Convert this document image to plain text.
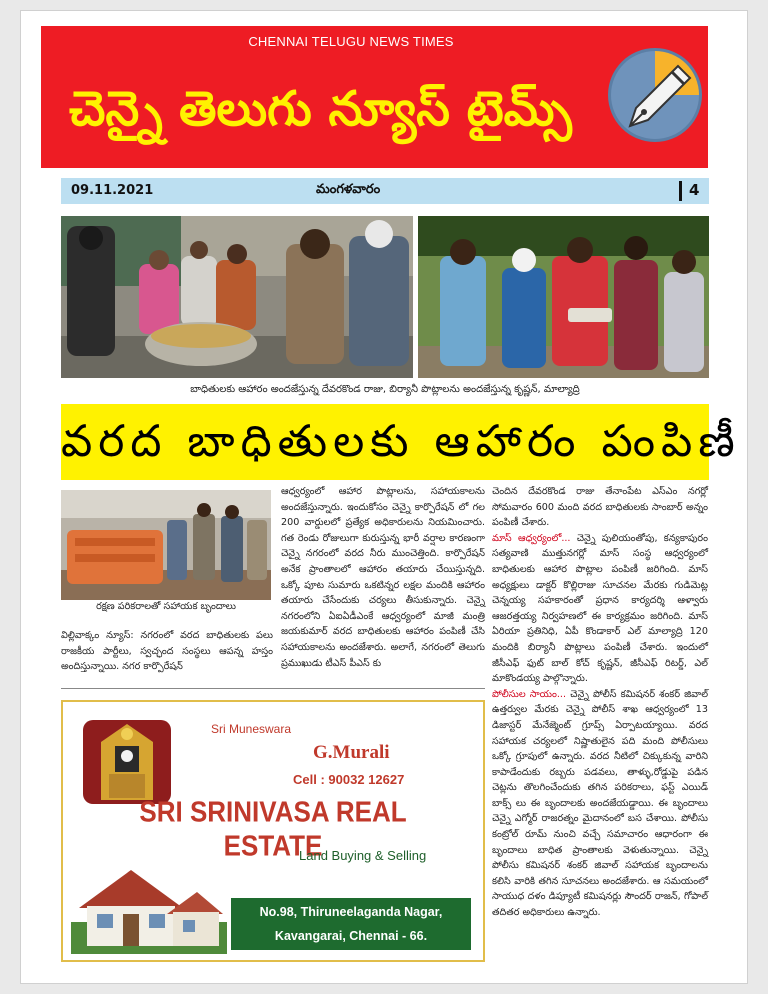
CHENNAI TELUGU NEWS TIMES
చెన్నై తెలుగు న్యూస్ టైమ్స్
09.11.2021	మంగళవారం	4
బాధితులకు ఆహారం అందజేస్తున్న దేవరకొండ రాజు, బిర్యానీ పొట్లాలను అందజేస్తున్న కృష్ణన్, మాల్యాద్రి
వరద బాధితులకు ఆహారం పంపిణీ
రక్షణ పరికరాలతో సహాయక బృందాలు

విల్లివాక్కం న్యూస్: నగరంలో వరద బాధితులకు పలు రాజకీయ పార్టీలు, స్వచ్ఛంద సంస్థలు ఆపన్న హస్తం అందిస్తున్నాయి. నగర కార్పొరేషన్

ఆధ్వర్యంలో ఆహార పొట్లాలను, సహాయకాలను అందజేస్తున్నారు. ఇందుకోసం చెన్నై కార్పొరేషన్ లో గల 200 వార్డులలో ప్రత్యేక అధికారులను నియమించారు. గత రెండు రోజులుగా కురుస్తున్న భారీ వర్షాల కారణంగా చెన్నై నగరంలో వరద నీరు ముంచెత్తింది. కార్పొరేషన్ అనేక ప్రాంతాలలో ఆహారం తయారు చేయిస్తున్నది. ఒక్కో పూట సుమారు ఒకటిన్నర లక్షల మందికి ఆహారం తయారు చేసేందుకు చర్యలు తీసుకున్నారు. చెన్నై నగరంలోని ఏఐఏడీఎంకే ఆధ్వర్యంలో మాజీ మంత్రి జయకుమార్ వరద బాధితులకు ఆహారం పంపిణీ చేసి సహాయకాలను అందజేశారు. అలాగే, నగరంలో తెలుగు ప్రముఖుడు టీఎస్ పీఎస్ కు

చెందిన దేవరకొండ రాజు తేనాంపేట ఎస్ఎం నగర్లో సోమవారం 600 మంది వరద బాధితులకు సాంబార్ అన్నం పంపిణీ చేశారు.

మాస్ ఆధ్వర్యంలో... చెన్నై పులియంతోపు, కన్యకాపురం సత్యవాణి ముత్తునగర్లో మాస్ సంస్థ ఆధ్వర్యంలో బాధితులకు ఆహార పొట్లాల పంపిణీ జరిగింది. మాస్ అధ్యక్షులు డాక్టర్ కొల్లిరాజు సూచనల మేరకు గుడిమెట్ల చెన్నయ్య సహకారంతో ప్రధాన కార్యదర్శి ఆళ్వారు ఆజరత్తయ్య నిర్వహణలో ఈ కార్యక్రమం జరిగింది. మాస్ ఏరియా ప్రతినిధి, ఏపీ కొండాకార్ ఎల్ మాల్యాద్రి 120 మందికి బిర్యానీ పొట్లాలు పంపిణీ చేశారు. ఇందులో జీసీఎఫ్ ఫుట్ బాల్ కోచ్ కృష్ణన్, జీసీఎఫ్ రిటర్డ్, ఎల్ మాకొండయ్య పాల్గొన్నారు.

పోలీసుల సాయం... చెన్నై పోలీస్ కమిషనర్ శంకర్ జివాల్ ఉత్తర్వుల మేరకు చెన్నై పోలీస్ శాఖ ఆధ్వర్యంలో 13 డిజాస్టర్ మేనేజ్మెంట్ గ్రూప్స్ ఏర్పాటయ్యాయి. వరద సహాయక చర్యలలో నిష్ణాతులైన పది మంది పోలీసులు ఒక్కో గ్రూపులో ఉన్నారు. వరద నీటిలో చిక్కుకున్న వారిని కాపాడేందుకు రబ్బరు పడవలు, తాళ్ళు,రోడ్డుపై పడిన చెట్లను తొలగించేందుకు తగిన పరికరాలు, ఫస్ట్ ఎయిడ్ బాక్స్ లు ఈ బృందాలకు అందజేయడ్డాయి. ఈ బృందాలు చెన్నై ఎగ్మోర్ రాజరత్నం మైదానంలో బస చేశాయి. పోలీసు కంట్రోల్ రూమ్ నుంచి వచ్చే సమాచారం ఆధారంగా ఈ బృందాలు బాధిత ప్రాంతాలకు వెళుతున్నాయి. చెన్నై పోలీసు కమిషనర్ శంకర్ జివాల్ సహాయక బృందాలను కలిసి వారికి తగిన సూచనలు అందజేశారు. ఆ సమయంలో సాయుధ దళం డిప్యూటీ కమిషనర్లు సౌందర్ రాజన్, గోపాల్ తదితర అధికారులు ఉన్నారు.

Sri Muneswara
G.Murali
Cell : 90032 12627
SRI SRINIVASA REAL ESTATE
Land Buying & Selling
No.98, Thiruneelaganda Nagar,
Kavangarai, Chennai - 66.
